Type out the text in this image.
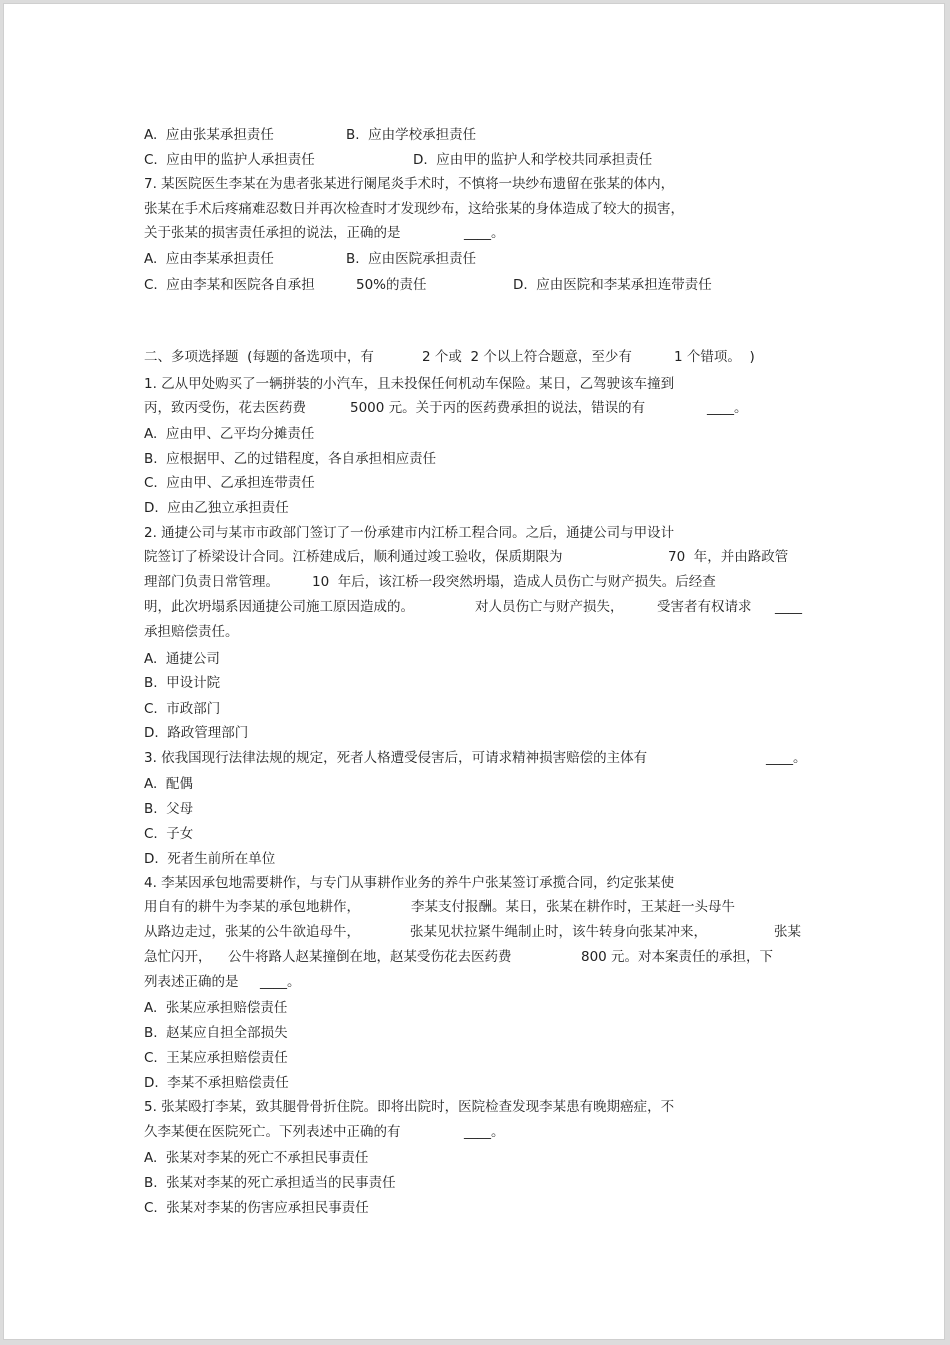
A.  应由张某承担责任	B.  应由学校承担责任
C.  应由甲的监护人承担责任	D.  应由甲的监护人和学校共同承担责任
7. 某医院医生李某在为患者张某进行阑尾炎手术时，不慎将一块纱布遗留在张某的体内，
张某在手术后疼痛难忍数日并再次检查时才发现纱布，这给张某的身体造成了较大的损害，
关于张某的损害责任承担的说法，正确的是	____。
A.  应由李某承担责任	B.  应由医院承担责任
C.  应由李某和医院各自承担	50%的责任	D.  应由医院和李某承担连带责任
二、多项选择题  (每题的备选项中，有	2 个或  2 个以上符合题意，至少有	1 个错项。  )
1. 乙从甲处购买了一辆拼装的小汽车，且未投保任何机动车保险。某日，乙驾驶该车撞到
丙，致丙受伤，花去医药费	5000 元。关于丙的医药费承担的说法，错误的有	____。
A.  应由甲、乙平均分摊责任
B.  应根据甲、乙的过错程度，各自承担相应责任
C.  应由甲、乙承担连带责任
D.  应由乙独立承担责任
2. 通捷公司与某市市政部门签订了一份承建市内江桥工程合同。之后，通捷公司与甲设计
院签订了桥梁设计合同。江桥建成后，顺利通过竣工验收，保质期限为	70  年，并由路政管
理部门负责日常管理。 10  年后，该江桥一段突然坍塌，造成人员伤亡与财产损失。后经查
明，此次坍塌系因通捷公司施工原因造成的。	对人员伤亡与财产损失， 受害者有权请求 ____
承担赔偿责任。
A.  通捷公司
B.  甲设计院
C.  市政部门
D.  路政管理部门
3. 依我国现行法律法规的规定，死者人格遭受侵害后，可请求精神损害赔偿的主体有	____。
A.  配偶
B.  父母
C.  子女
D.  死者生前所在单位
4. 李某因承包地需要耕作，与专门从事耕作业务的养牛户张某签订承揽合同，约定张某使
用自有的耕牛为李某的承包地耕作，	李某支付报酬。某日，张某在耕作时，王某赶一头母牛
从路边走过，张某的公牛欲追母牛，	张某见状拉紧牛绳制止时，该牛转身向张某冲来，	张某
急忙闪开， 公牛将路人赵某撞倒在地，赵某受伤花去医药费	800 元。对本案责任的承担，下
列表述正确的是 ____。
A.  张某应承担赔偿责任
B.  赵某应自担全部损失
C.  王某应承担赔偿责任
D.  李某不承担赔偿责任
5. 张某殴打李某，致其腿骨骨折住院。即将出院时，医院检查发现李某患有晚期癌症，不
久李某便在医院死亡。下列表述中正确的有	____。
A.  张某对李某的死亡不承担民事责任
B.  张某对李某的死亡承担适当的民事责任
C.  张某对李某的伤害应承担民事责任
